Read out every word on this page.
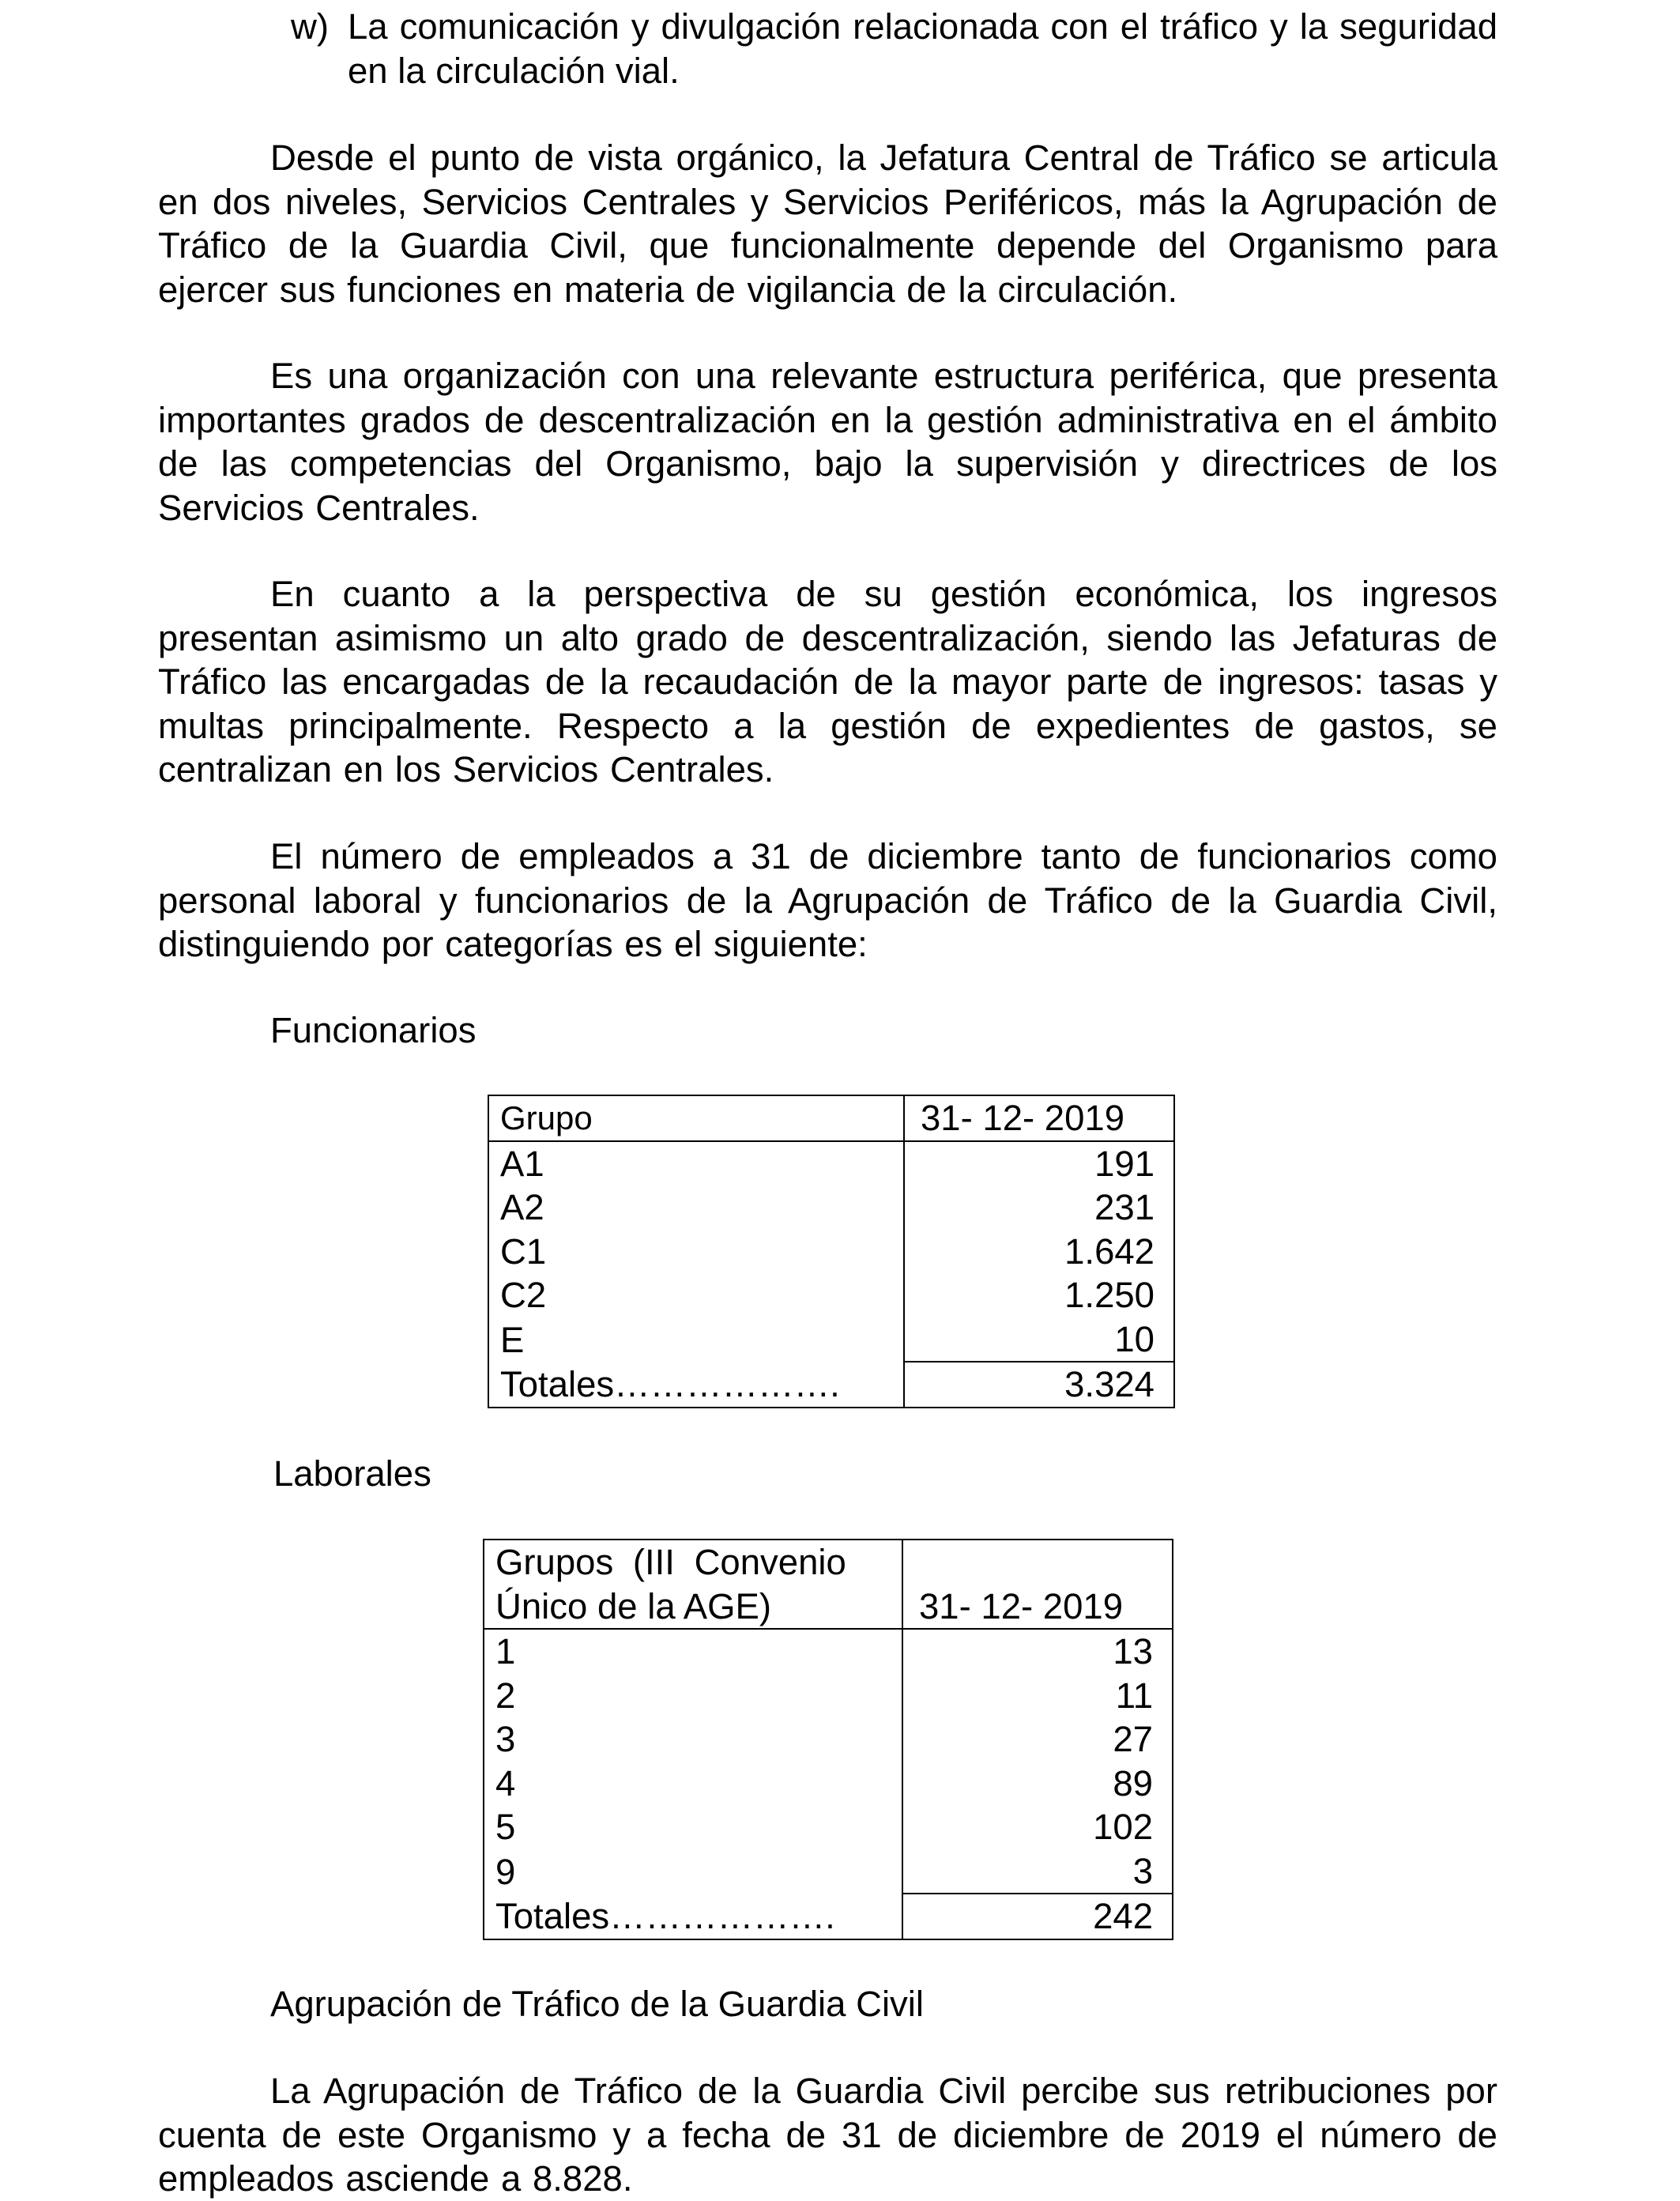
w) La comunicación y divulgación relacionada con el tráfico y la seguridad en la circulación vial.

Desde el punto de vista orgánico, la Jefatura Central de Tráfico se articula en dos niveles, Servicios Centrales y Servicios Periféricos, más la Agrupación de Tráfico de la Guardia Civil, que funcionalmente depende del Organismo para ejercer sus funciones en materia de vigilancia de la circulación.

Es una organización con una relevante estructura periférica, que presenta importantes grados de descentralización en la gestión administrativa en el ámbito de las competencias del Organismo, bajo la supervisión y directrices de los Servicios Centrales.

En cuanto a la perspectiva de su gestión económica, los ingresos presentan asimismo un alto grado de descentralización, siendo las Jefaturas de Tráfico las encargadas de la recaudación de la mayor parte de ingresos: tasas y multas principalmente. Respecto a la gestión de expedientes de gastos, se centralizan en los Servicios Centrales.

El número de empleados a 31 de diciembre tanto de funcionarios como personal laboral y funcionarios de la Agrupación de Tráfico de la Guardia Civil, distinguiendo por categorías es el siguiente:

Funcionarios

Grupo	31- 12- 2019
A1	191
A2	231
C1	1.642
C2	1.250
E	10
Totales……………….	3.324

Laborales

Grupos (III Convenio	
Único de la AGE)	31- 12- 2019
1	13
2	11
3	27
4	89
5	102
9	3
Totales……………….	242

Agrupación de Tráfico de la Guardia Civil

La Agrupación de Tráfico de la Guardia Civil percibe sus retribuciones por cuenta de este Organismo y a fecha de 31 de diciembre de 2019 el número de empleados asciende a 8.828.
